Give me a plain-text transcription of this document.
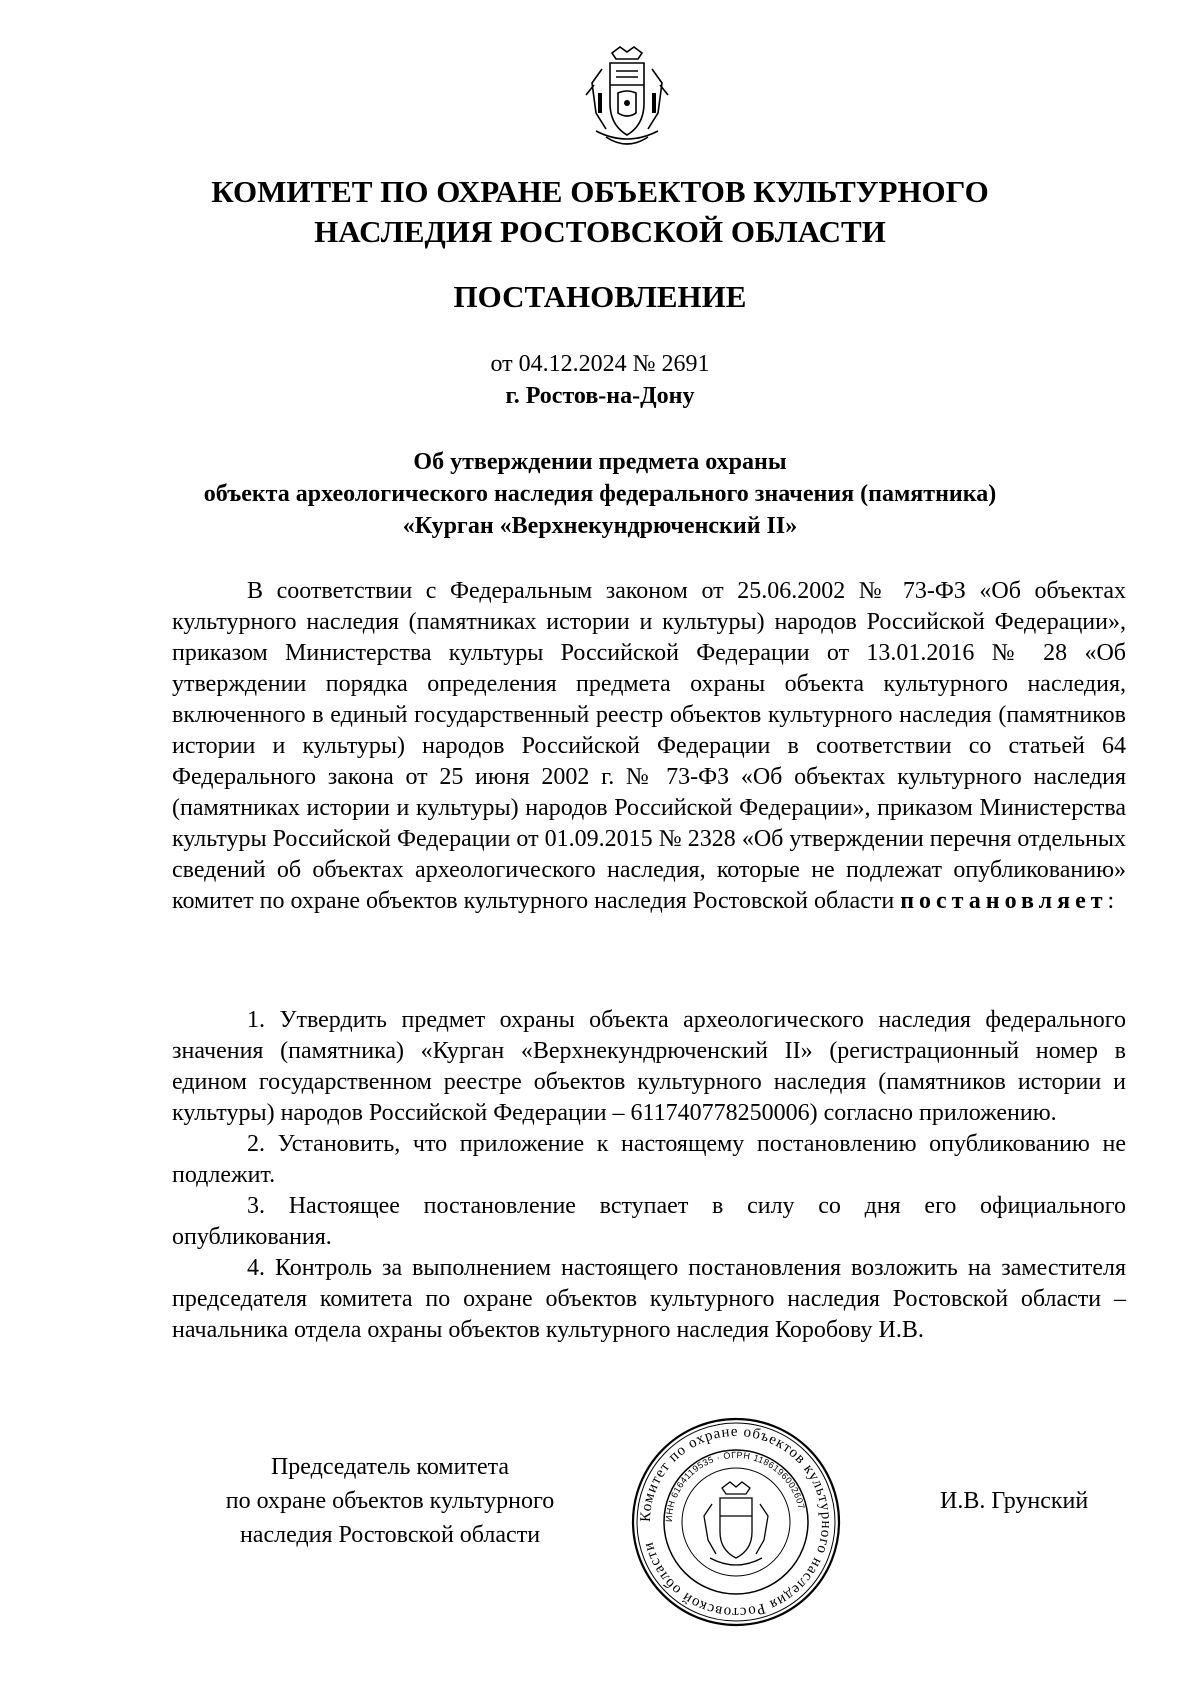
КОМИТЕТ ПО ОХРАНЕ ОБЪЕКТОВ КУЛЬТУРНОГО
НАСЛЕДИЯ РОСТОВСКОЙ ОБЛАСТИ
ПОСТАНОВЛЕНИЕ
от 04.12.2024 № 2691
г. Ростов-на-Дону
Об утверждении предмета охраны
объекта археологического наследия федерального значения (памятника)
«Курган «Верхнекундрюченский II»

В соответствии с Федеральным законом от 25.06.2002 № 73-ФЗ «Об объектах культурного наследия (памятниках истории и культуры) народов Российской Федерации», приказом Министерства культуры Российской Федерации от 13.01.2016 № 28 «Об утверждении порядка определения предмета охраны объекта культурного наследия, включенного в единый государственный реестр объектов культурного наследия (памятников истории и культуры) народов Российской Федерации в соответствии со статьей 64 Федерального закона от 25 июня 2002 г. № 73-ФЗ «Об объектах культурного наследия (памятниках истории и культуры) народов Российской Федерации», приказом Министерства культуры Российской Федерации от 01.09.2015 № 2328 «Об утверждении перечня отдельных сведений об объектах археологического наследия, которые не подлежат опубликованию» комитет по охране объектов культурного наследия Ростовской области постановляет:

1. Утвердить предмет охраны объекта археологического наследия федерального значения (памятника) «Курган «Верхнекундрюченский II» (регистрационный номер в едином государственном реестре объектов культурного наследия (памятников истории и культуры) народов Российской Федерации – 611740778250006) согласно приложению.

2. Установить, что приложение к настоящему постановлению опубликованию не подлежит.

3. Настоящее постановление вступает в силу со дня его официального опубликования.

4. Контроль за выполнением настоящего постановления возложить на заместителя председателя комитета по охране объектов культурного наследия Ростовской области – начальника отдела охраны объектов культурного наследия Коробову И.В.

Председатель комитета
по охране объектов культурного
наследия Ростовской области
Комитет по охране объектов культурного наследия Ростовской области
ИНН 6164119535 · ОГРН 1186196002607	И.В. Грунский
